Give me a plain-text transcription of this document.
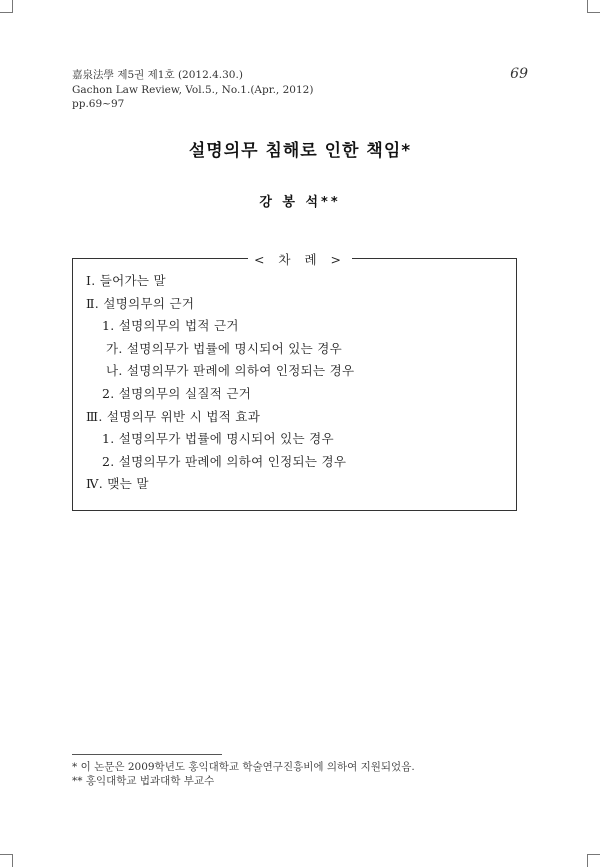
嘉泉法學 제5권 제1호 (2012.4.30.)
Gachon Law Review, Vol.5., No.1.(Apr., 2012)
pp.69~97
69
설명의무 침해로 인한 책임*
강 봉 석**
< 차 례 >
Ⅰ. 들어가는 말
Ⅱ. 설명의무의 근거
1. 설명의무의 법적 근거
가. 설명의무가 법률에 명시되어 있는 경우
나. 설명의무가 판례에 의하여 인정되는 경우
2. 설명의무의 실질적 근거
Ⅲ. 설명의무 위반 시 법적 효과
1. 설명의무가 법률에 명시되어 있는 경우
2. 설명의무가 판례에 의하여 인정되는 경우
Ⅳ. 맺는 말
* 이 논문은 2009학년도 홍익대학교 학술연구진흥비에 의하여 지원되었음.
** 홍익대학교 법과대학 부교수
